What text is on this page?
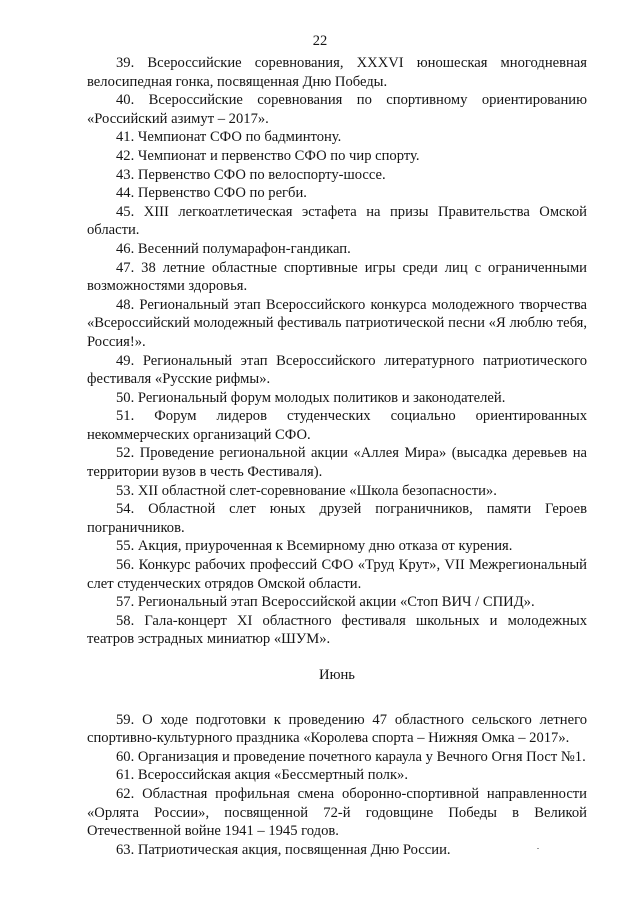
22
39. Всероссийские соревнования, XXXVI юношеская многодневная велосипедная гонка, посвященная Дню Победы.
40. Всероссийские соревнования по спортивному ориентированию «Российский азимут – 2017».
41. Чемпионат СФО по бадминтону.
42. Чемпионат и первенство СФО по чир спорту.
43. Первенство СФО по велоспорту-шоссе.
44. Первенство СФО по регби.
45. XIII легкоатлетическая эстафета на призы Правительства Омской области.
46. Весенний полумарафон-гандикап.
47. 38 летние областные спортивные игры среди лиц с ограниченными возможностями здоровья.
48. Региональный этап Всероссийского конкурса молодежного творчества «Всероссийский молодежный фестиваль патриотической песни «Я люблю тебя, Россия!».
49. Региональный этап Всероссийского литературного патриотического фестиваля «Русские рифмы».
50. Региональный форум молодых политиков и законодателей.
51. Форум лидеров студенческих социально ориентированных некоммерческих организаций СФО.
52. Проведение региональной акции «Аллея Мира» (высадка деревьев на территории вузов в честь Фестиваля).
53. XII областной слет-соревнование «Школа безопасности».
54. Областной слет юных друзей пограничников, памяти Героев пограничников.
55. Акция, приуроченная к Всемирному дню отказа от курения.
56. Конкурс рабочих профессий СФО «Труд Крут», VII Межрегиональный слет студенческих отрядов Омской области.
57. Региональный этап Всероссийской акции «Стоп ВИЧ / СПИД».
58. Гала-концерт XI областного фестиваля школьных и молодежных театров эстрадных миниатюр «ШУМ».
Июнь
59. О ходе подготовки к проведению 47 областного сельского летнего спортивно-культурного праздника «Королева спорта – Нижняя Омка – 2017».
60. Организация и проведение почетного караула у Вечного Огня Пост №1.
61. Всероссийская акция «Бессмертный полк».
62. Областная профильная смена оборонно-спортивной направленности «Орлята России», посвященной 72-й годовщине Победы в Великой Отечественной войне 1941 – 1945 годов.
63. Патриотическая акция, посвященная Дню России.
